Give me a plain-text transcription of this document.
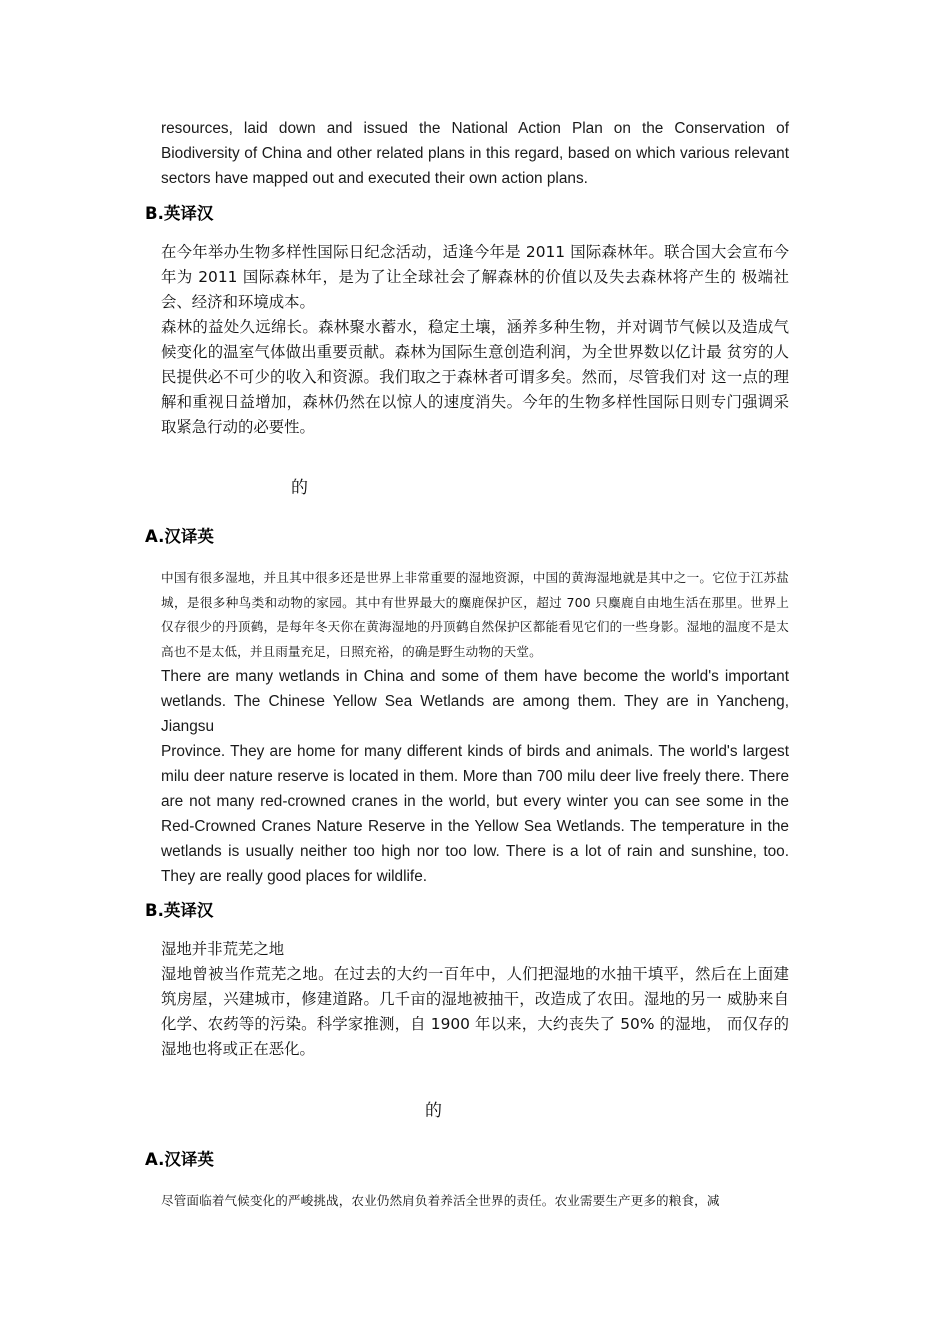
resources, laid down and issued the National Action Plan on the Conservation of Biodiversity of China and other related plans in this regard, based on which various relevant sectors have mapped out and executed their own action plans.

B.英译汉

在今年举办生物多样性国际日纪念活动，适逢今年是 2011 国际森林年。联合国大会宣布今年为 2011 国际森林年，是为了让全球社会了解森林的价值以及失去森林将产生的 极端社会、经济和环境成本。

森林的益处久远绵长。森林聚水蓄水，稳定土壤，涵养多种生物，并对调节气候以及造成气候变化的温室气体做出重要贡献。森林为国际生意创造利润，为全世界数以亿计最 贫穷的人民提供必不可少的收入和资源。我们取之于森林者可谓多矣。然而，尽管我们对 这一点的理解和重视日益增加，森林仍然在以惊人的速度消失。今年的生物多样性国际日则专门强调采取紧急行动的必要性。

的

A.汉译英

中国有很多湿地，并且其中很多还是世界上非常重要的湿地资源，中国的黄海湿地就是其中之一。它位于江苏盐城，是很多种鸟类和动物的家园。其中有世界最大的麋鹿保护区，超过 700 只麋鹿自由地生活在那里。世界上仅存很少的丹顶鹤，是每年冬天你在黄海湿地的丹顶鹤自然保护区都能看见它们的一些身影。湿地的温度不是太高也不是太低，并且雨量充足，日照充裕，的确是野生动物的天堂。

There are many wetlands in China and some of them have become the world's important wetlands. The Chinese Yellow Sea Wetlands are among them. They are in Yancheng, Jiangsu

Province. They are home for many different kinds of birds and animals. The world's largest milu deer nature reserve is located in them. More than 700 milu deer live freely there. There are not many red-crowned cranes in the world, but every winter you can see some in the Red-Crowned Cranes Nature Reserve in the Yellow Sea Wetlands. The temperature in the wetlands is usually neither too high nor too low. There is a lot of rain and sunshine, too. They are really good places for wildlife.

B.英译汉

湿地并非荒芜之地

湿地曾被当作荒芜之地。在过去的大约一百年中，人们把湿地的水抽干填平，然后在上面建筑房屋，兴建城市，修建道路。几千亩的湿地被抽干，改造成了农田。湿地的另一 威胁来自化学、农药等的污染。科学家推测，自 1900 年以来，大约丧失了 50% 的湿地， 而仅存的湿地也将或正在恶化。

的

A.汉译英

尽管面临着气候变化的严峻挑战，农业仍然肩负着养活全世界的责任。农业需要生产更多的粮食，减
